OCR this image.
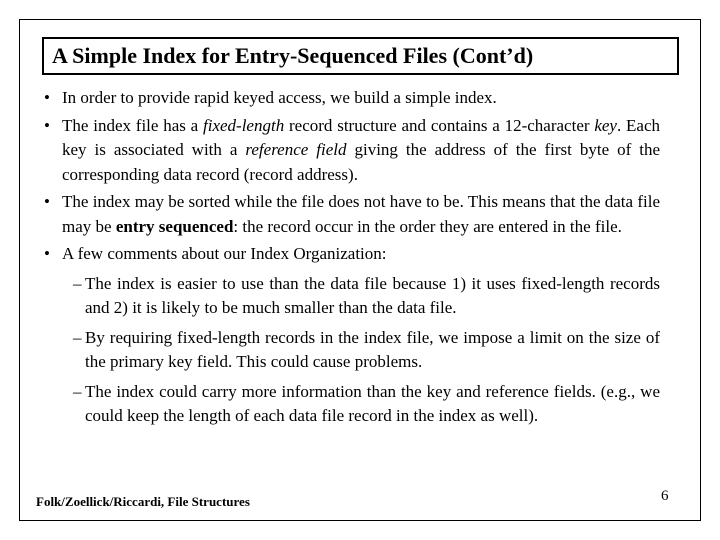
A Simple Index for Entry-Sequenced Files (Cont’d)
• In order to provide rapid keyed access, we build a simple index.
• The index file has a fixed-length record structure and contains a 12-character key. Each key is associated with a reference field giving the address of the first byte of the corresponding data record (record address).
• The index may be sorted while the file does not have to be. This means that the data file may be entry sequenced: the record occur in the order they are entered in the file.
• A few comments about our Index Organization:
– The index is easier to use than the data file because 1) it uses fixed-length records and 2) it is likely to be much smaller than the data file.
– By requiring fixed-length records in the index file, we impose a limit on the size of the primary key field. This could cause problems.
– The index could carry more information than the key and reference fields. (e.g., we could keep the length of each data file record in the index as well).
Folk/Zoellick/Riccardi, File Structures	6
